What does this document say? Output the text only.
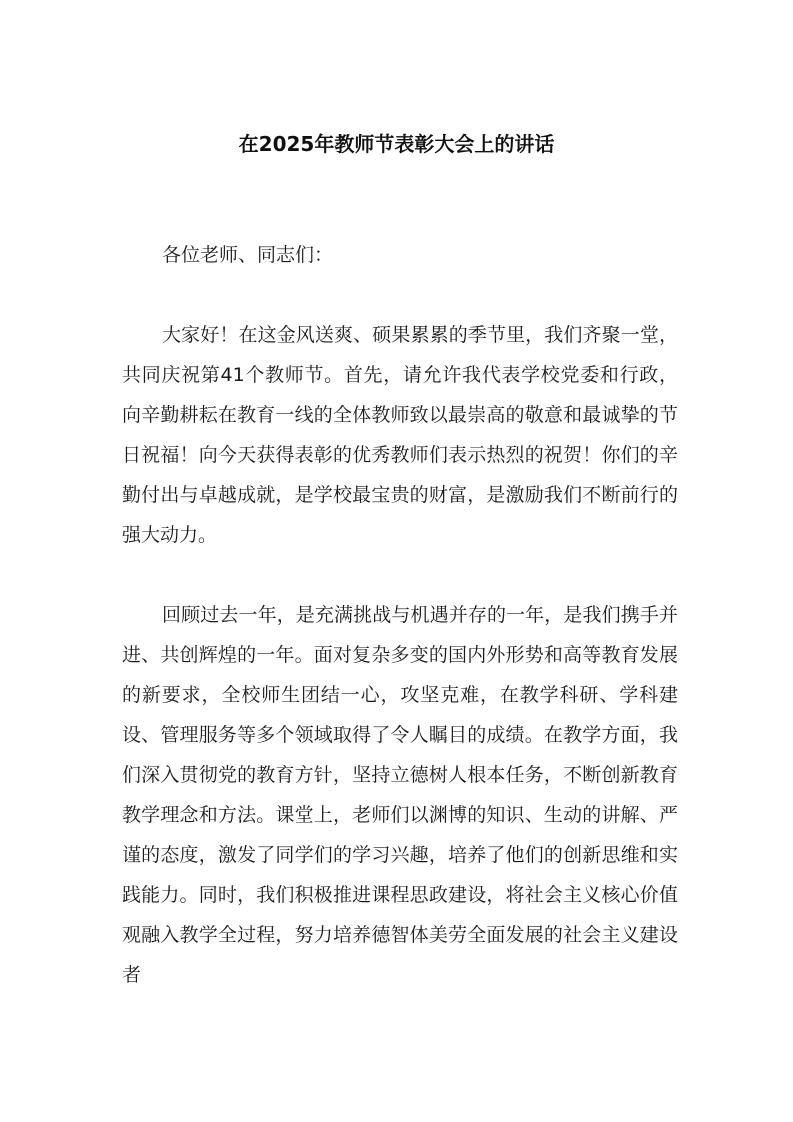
在2025年教师节表彰大会上的讲话

各位老师、同志们：

大家好！在这金风送爽、硕果累累的季节里，我们齐聚一堂，共同庆祝第41个教师节。首先，请允许我代表学校党委和行政，向辛勤耕耘在教育一线的全体教师致以最崇高的敬意和最诚挚的节日祝福！向今天获得表彰的优秀教师们表示热烈的祝贺！你们的辛勤付出与卓越成就，是学校最宝贵的财富，是激励我们不断前行的强大动力。

回顾过去一年，是充满挑战与机遇并存的一年，是我们携手并进、共创辉煌的一年。面对复杂多变的国内外形势和高等教育发展的新要求，全校师生团结一心，攻坚克难，在教学科研、学科建设、管理服务等多个领域取得了令人瞩目的成绩。在教学方面，我们深入贯彻党的教育方针，坚持立德树人根本任务，不断创新教育教学理念和方法。课堂上，老师们以渊博的知识、生动的讲解、严谨的态度，激发了同学们的学习兴趣，培养了他们的创新思维和实践能力。同时，我们积极推进课程思政建设，将社会主义核心价值观融入教学全过程，努力培养德智体美劳全面发展的社会主义建设者
